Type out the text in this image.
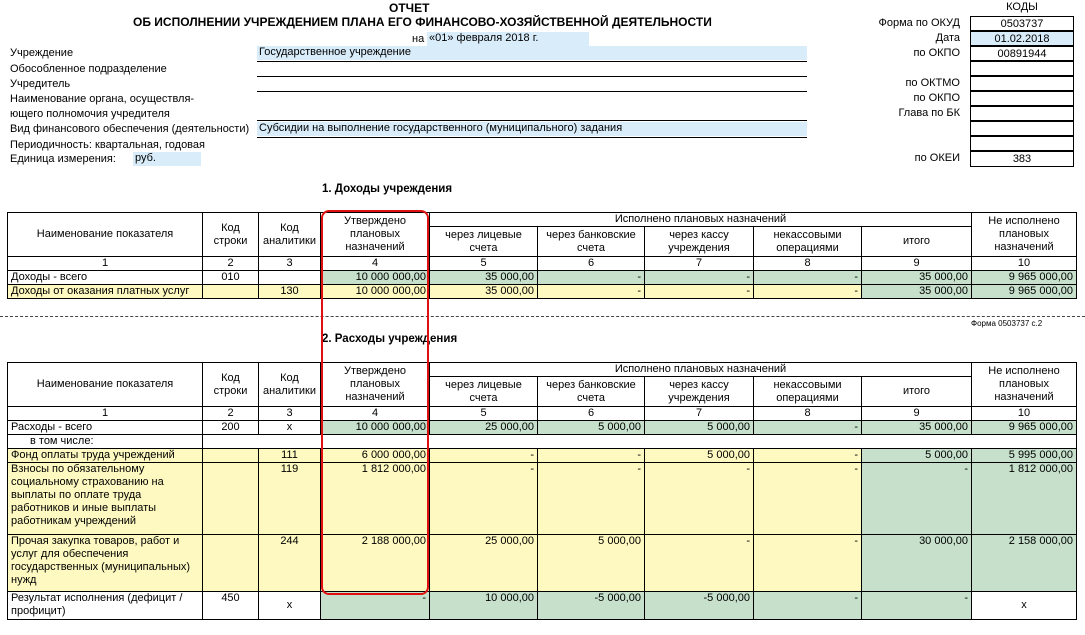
ОТЧЕТ
ОБ ИСПОЛНЕНИИ УЧРЕЖДЕНИЕМ ПЛАНА ЕГО ФИНАНСОВО-ХОЗЯЙСТВЕННОЙ ДЕЯТЕЛЬНОСТИ
на «01» февраля 2018 г.
КОДЫ
Форма по ОКУД	0503737
Дата	01.02.2018
по ОКПО	00891944
по ОКТМО
по ОКПО
Глава по БК
по ОКЕИ	383
Учреждение	Государственное учреждение
Обособленное подразделение
Учредитель
Наименование органа, осуществля-
ющего полномочия учредителя
Вид финансового обеспечения (деятельности) Субсидии на выполнение государственного (муниципального) задания
Периодичность: квартальная, годовая
Единица измерения: руб.
1. Доходы учреждения
Наименование показателя	Код строки	Код аналитики	Утверждено плановых назначений	Исполнено плановых назначений					Не исполнено плановых назначений
				через лицевые счета	через банковские счета	через кассу учреждения	некассовыми операциями	итого	
1	2	3	4	5	6	7	8	9	10
Доходы - всего	010		10 000 000,00	35 000,00	-	-	-	35 000,00	9 965 000,00
Доходы от оказания платных услуг		130	10 000 000,00	35 000,00	-	-	-	35 000,00	9 965 000,00
Форма 0503737 с.2
2. Расходы учреждения
Наименование показателя	Код строки	Код аналитики	Утверждено плановых назначений	Исполнено плановых назначений					Не исполнено плановых назначений
				через лицевые счета	через банковские счета	через кассу учреждения	некассовыми операциями	итого	
1	2	3	4	5	6	7	8	9	10
Расходы - всего	200	x	10 000 000,00	25 000,00	5 000,00	5 000,00	-	35 000,00	9 965 000,00
в том числе:									
Фонд оплаты труда учреждений		111	6 000 000,00	-	-	5 000,00	-	5 000,00	5 995 000,00
Взносы по обязательному социальному страхованию на выплаты по оплате труда работников и иные выплаты работникам учреждений		119	1 812 000,00	-	-	-	-	-	1 812 000,00
Прочая закупка товаров, работ и услуг для обеспечения государственных (муниципальных) нужд		244	2 188 000,00	25 000,00	5 000,00	-	-	30 000,00	2 158 000,00
Результат исполнения (дефицит / профицит)	450	x	-	10 000,00	-5 000,00	-5 000,00	-	-	x
